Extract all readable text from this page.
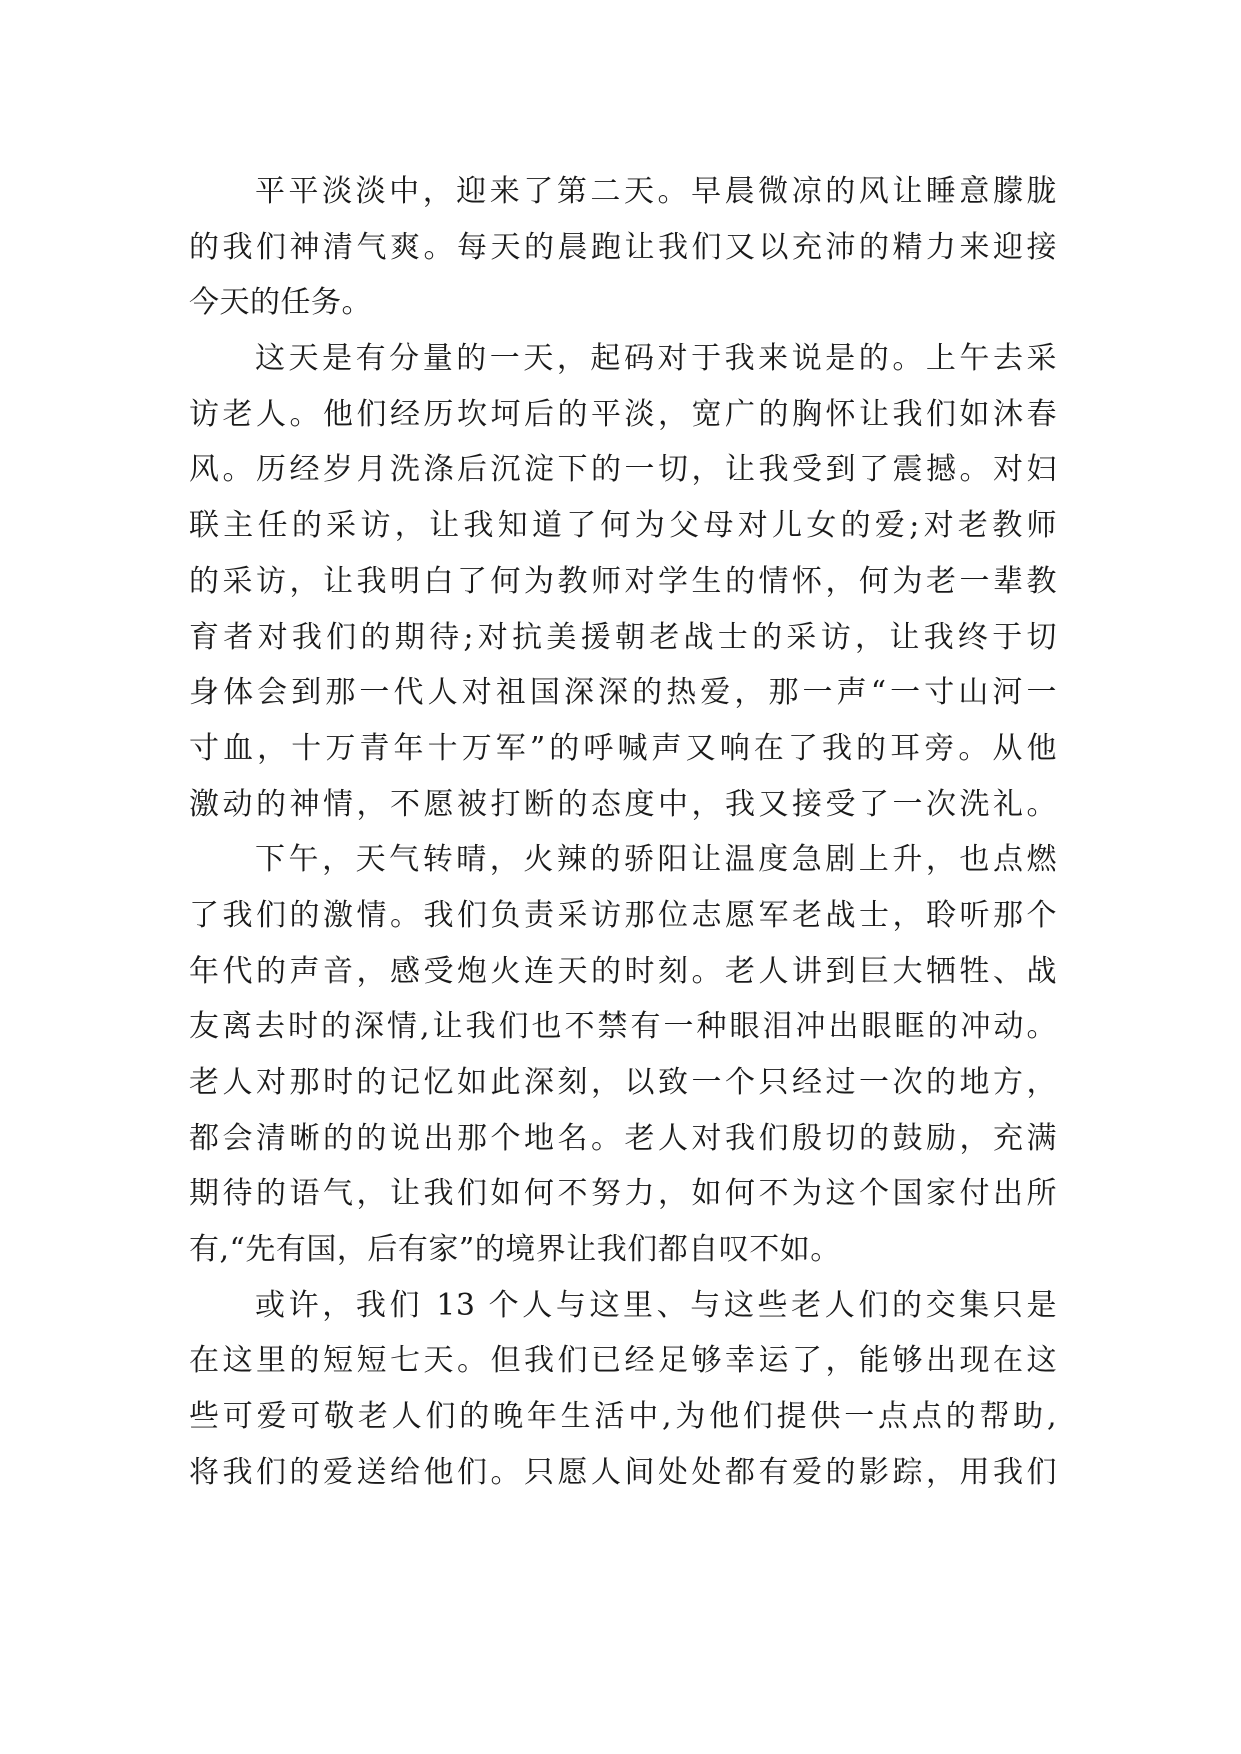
平平淡淡中，迎来了第二天。早晨微凉的风让睡意朦胧
的我们神清气爽。每天的晨跑让我们又以充沛的精力来迎接
今天的任务。
这天是有分量的一天，起码对于我来说是的。上午去采
访老人。他们经历坎坷后的平淡，宽广的胸怀让我们如沐春
风。历经岁月洗涤后沉淀下的一切，让我受到了震撼。对妇
联主任的采访，让我知道了何为父母对儿女的爱;对老教师
的采访，让我明白了何为教师对学生的情怀，何为老一辈教
育者对我们的期待;对抗美援朝老战士的采访，让我终于切
身体会到那一代人对祖国深深的热爱，那一声“一寸山河一
寸血，十万青年十万军”的呼喊声又响在了我的耳旁。从他
激动的神情，不愿被打断的态度中，我又接受了一次洗礼。
下午，天气转晴，火辣的骄阳让温度急剧上升，也点燃
了我们的激情。我们负责采访那位志愿军老战士，聆听那个
年代的声音，感受炮火连天的时刻。老人讲到巨大牺牲、战
友离去时的深情,让我们也不禁有一种眼泪冲出眼眶的冲动。
老人对那时的记忆如此深刻，以致一个只经过一次的地方，
都会清晰的的说出那个地名。老人对我们殷切的鼓励，充满
期待的语气，让我们如何不努力，如何不为这个国家付出所
有,“先有国，后有家”的境界让我们都自叹不如。
或许，我们 13 个人与这里、与这些老人们的交集只是
在这里的短短七天。但我们已经足够幸运了，能够出现在这
些可爱可敬老人们的晚年生活中,为他们提供一点点的帮助,
将我们的爱送给他们。只愿人间处处都有爱的影踪，用我们
